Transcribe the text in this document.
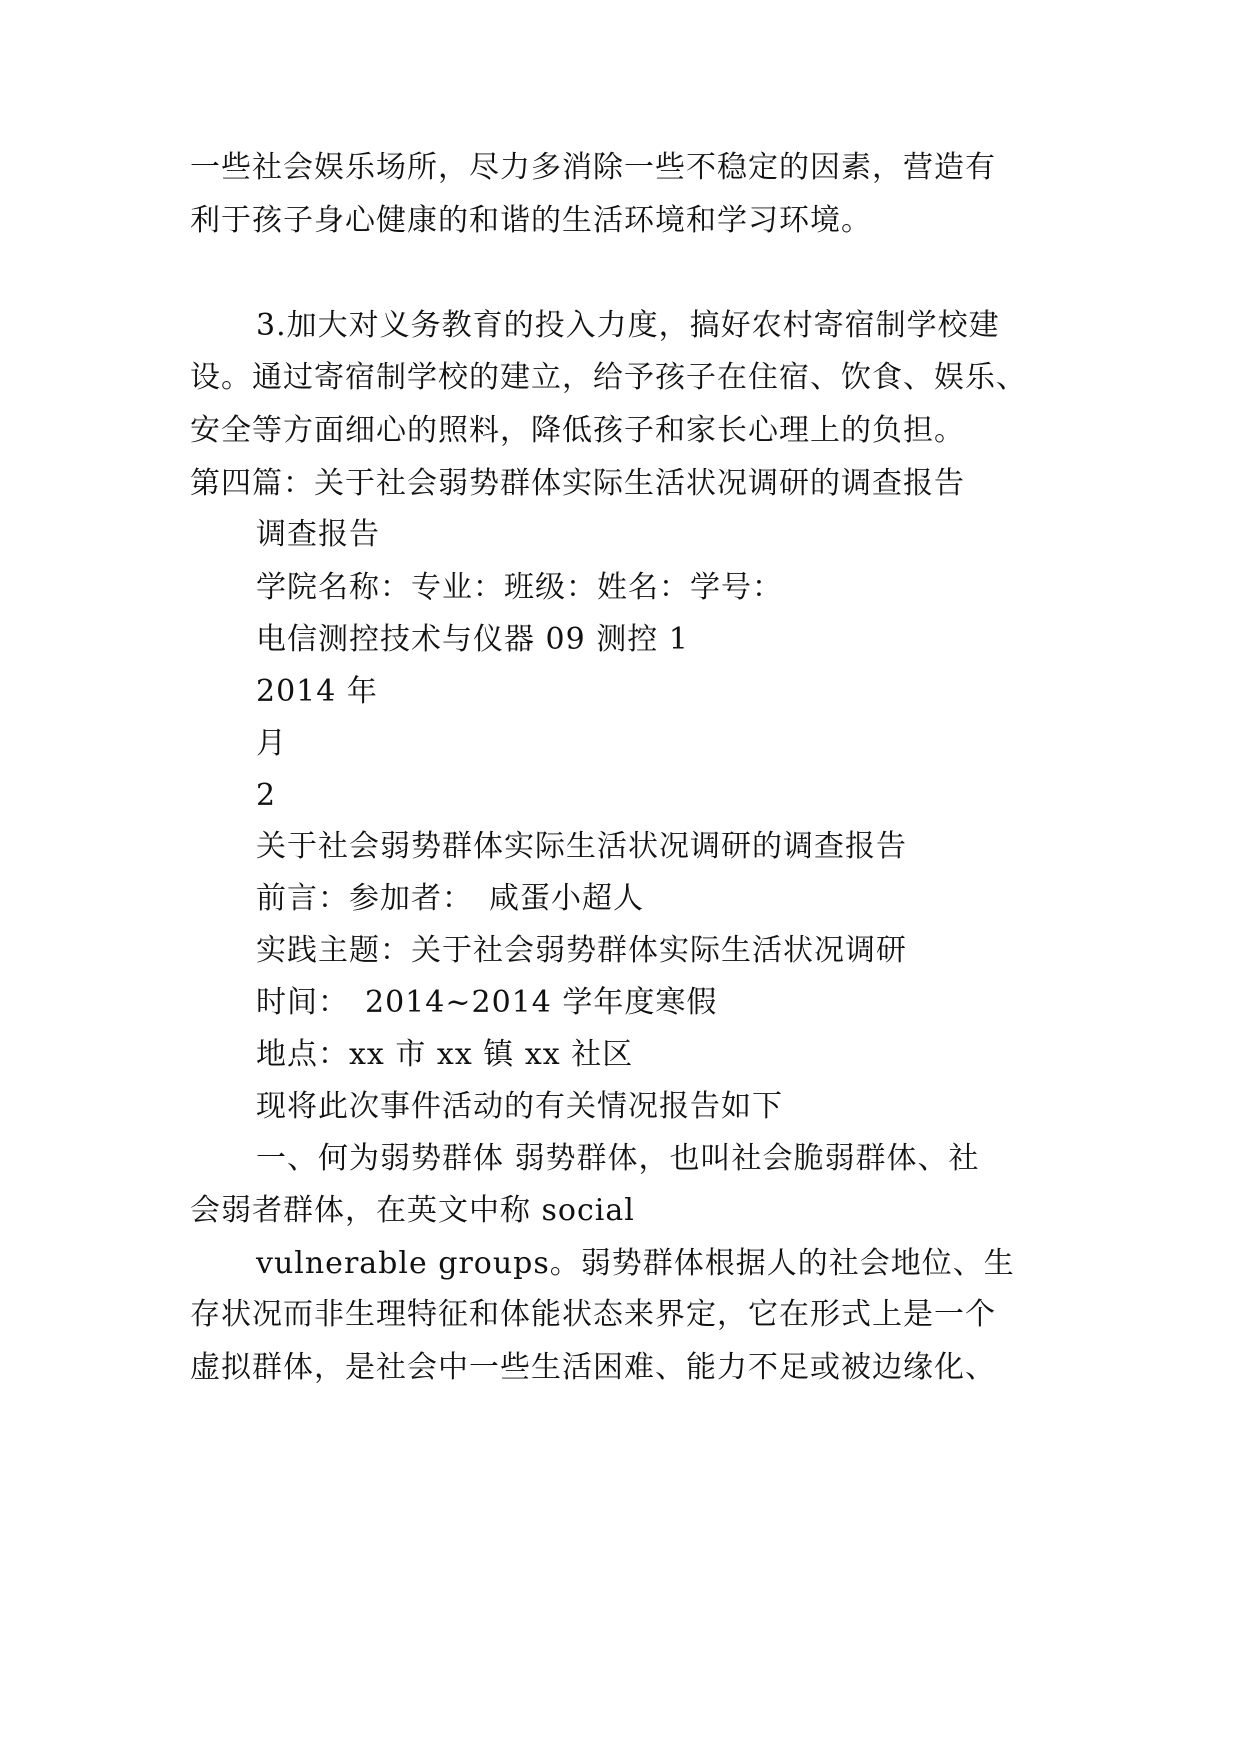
一些社会娱乐场所，尽力多消除一些不稳定的因素，营造有
利于孩子身心健康的和谐的生活环境和学习环境。
3.加大对义务教育的投入力度，搞好农村寄宿制学校建
设。通过寄宿制学校的建立，给予孩子在住宿、饮食、娱乐、
安全等方面细心的照料，降低孩子和家长心理上的负担。
第四篇：关于社会弱势群体实际生活状况调研的调查报告
调查报告
学院名称：专业：班级：姓名：学号：
电信测控技术与仪器 09 测控 1
2014 年
月
2
关于社会弱势群体实际生活状况调研的调查报告
前言：参加者：　咸蛋小超人
实践主题：关于社会弱势群体实际生活状况调研
时间：　2014~2014 学年度寒假
地点：xx 市 xx 镇 xx 社区
现将此次事件活动的有关情况报告如下
一、何为弱势群体 弱势群体，也叫社会脆弱群体、社
会弱者群体，在英文中称 social
vulnerable groups。弱势群体根据人的社会地位、生
存状况而非生理特征和体能状态来界定，它在形式上是一个
虚拟群体，是社会中一些生活困难、能力不足或被边缘化、
